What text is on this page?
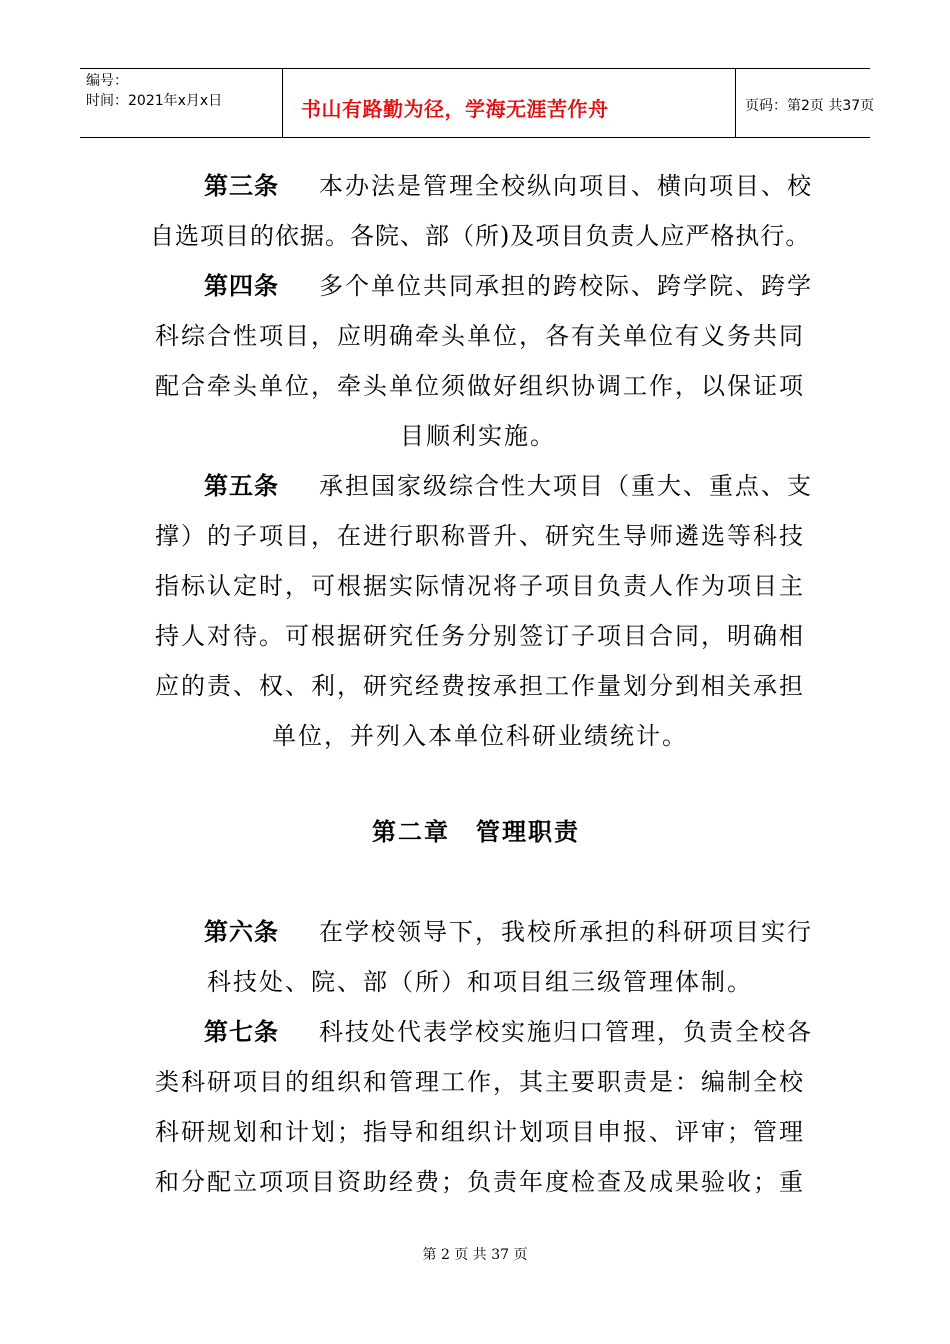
编号：
时间：2021年x月x日	书山有路勤为径，学海无涯苦作舟	页码：第2页 共37页
第三条 本办法是管理全校纵向项目、横向项目、校
自选项目的依据。各院、部（所)及项目负责人应严格执行。
第四条 多个单位共同承担的跨校际、跨学院、跨学
科综合性项目，应明确牵头单位，各有关单位有义务共同
配合牵头单位，牵头单位须做好组织协调工作，以保证项
目顺利实施。
第五条 承担国家级综合性大项目（重大、重点、支
撑）的子项目，在进行职称晋升、研究生导师遴选等科技
指标认定时，可根据实际情况将子项目负责人作为项目主
持人对待。可根据研究任务分别签订子项目合同，明确相
应的责、权、利，研究经费按承担工作量划分到相关承担
单位，并列入本单位科研业绩统计。
第二章　管理职责
第六条 在学校领导下，我校所承担的科研项目实行
科技处、院、部（所）和项目组三级管理体制。
第七条 科技处代表学校实施归口管理，负责全校各
类科研项目的组织和管理工作，其主要职责是：编制全校
科研规划和计划；指导和组织计划项目申报、评审；管理
和分配立项项目资助经费；负责年度检查及成果验收；重
第 2 页 共 37 页
